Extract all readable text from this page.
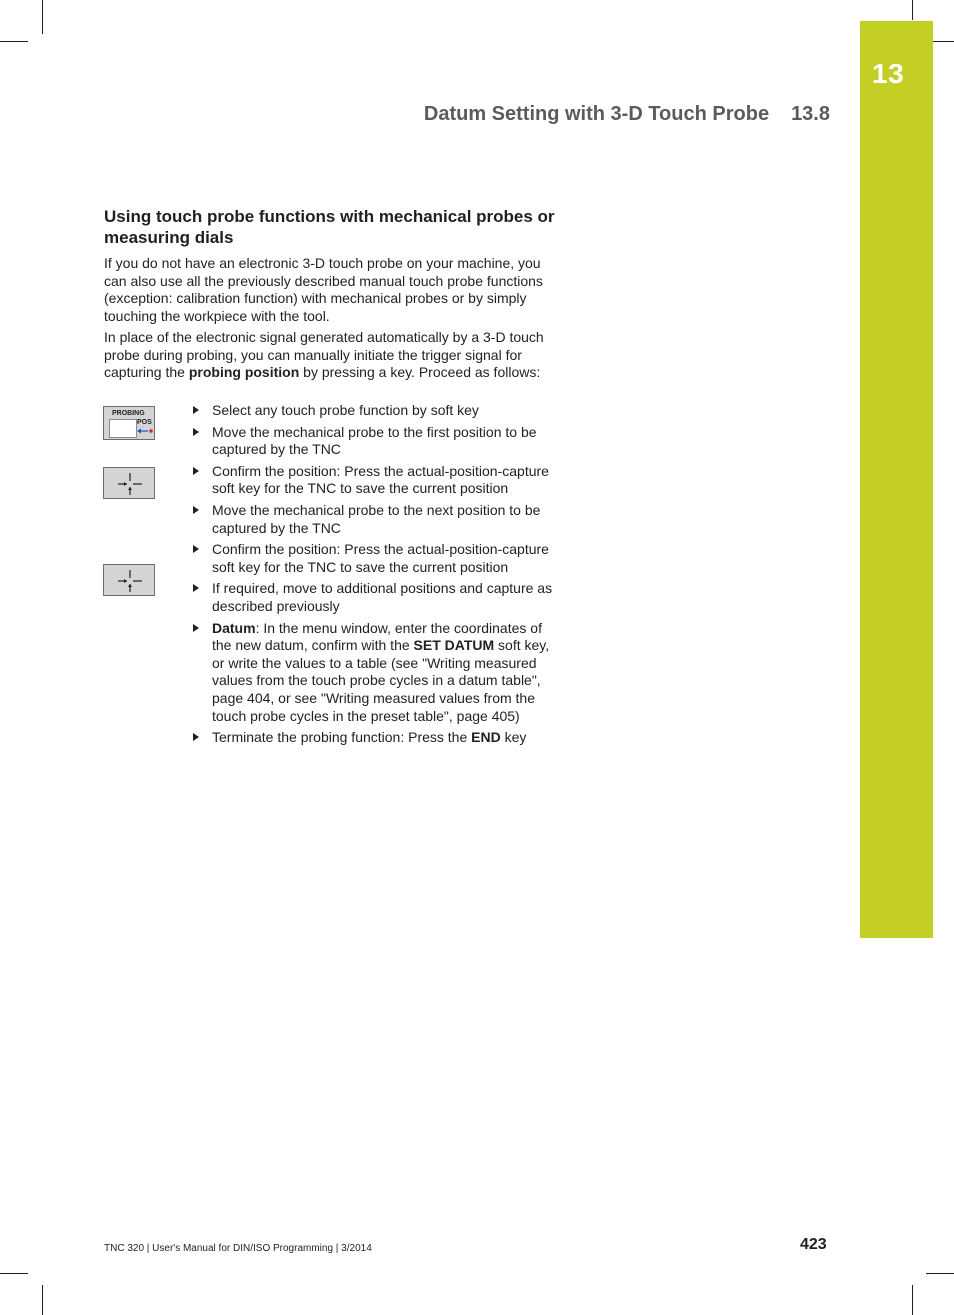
13
Datum Setting with 3-D Touch Probe 13.8
Using touch probe functions with mechanical probes or measuring dials
If you do not have an electronic 3-D touch probe on your machine, you can also use all the previously described manual touch probe functions (exception: calibration function) with mechanical probes or by simply touching the workpiece with the tool.
In place of the electronic signal generated automatically by a 3-D touch probe during probing, you can manually initiate the trigger signal for capturing the probing position by pressing a key. Proceed as follows:
PROBING
POS
Select any touch probe function by soft key
Move the mechanical probe to the first position to be captured by the TNC
Confirm the position: Press the actual-position-capture soft key for the TNC to save the current position
Move the mechanical probe to the next position to be captured by the TNC
Confirm the position: Press the actual-position-capture soft key for the TNC to save the current position
If required, move to additional positions and capture as described previously
Datum: In the menu window, enter the coordinates of the new datum, confirm with the SET DATUM soft key, or write the values to a table (see "Writing measured values from the touch probe cycles in a datum table", page 404, or see "Writing measured values from the touch probe cycles in the preset table", page 405)
Terminate the probing function: Press the END key
TNC 320 | User's Manual for DIN/ISO Programming | 3/2014	423
